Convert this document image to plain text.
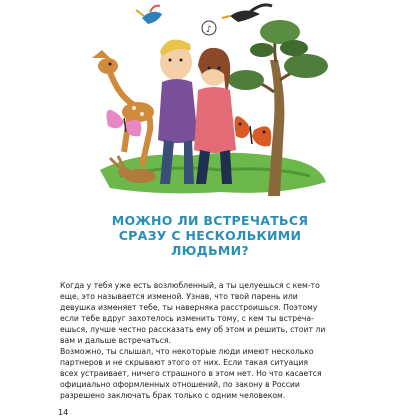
♪
МОЖНО ЛИ ВСТРЕЧАТЬСЯ
СРАЗУ С НЕСКОЛЬКИМИ
ЛЮДЬМИ?
Когда у тебя уже есть возлюбленный, а ты целуешься с кем-то
еще, это называется изменой. Узнав, что твой парень или
девушка изменяет тебе, ты наверняка расстроишься. Поэтому
если тебе вдруг захотелось изменить тому, с кем ты встреча-
ешься, лучше честно рассказать ему об этом и решить, стоит ли
вам и дальше встречаться.
Возможно, ты слышал, что некоторые люди имеют несколько
партнеров и не скрывают этого от них. Если такая ситуация
всех устраивает, ничего страшного в этом нет. Но что касается
официально оформленных отношений, по закону в России
разрешено заключать брак только с одним человеком.
14
